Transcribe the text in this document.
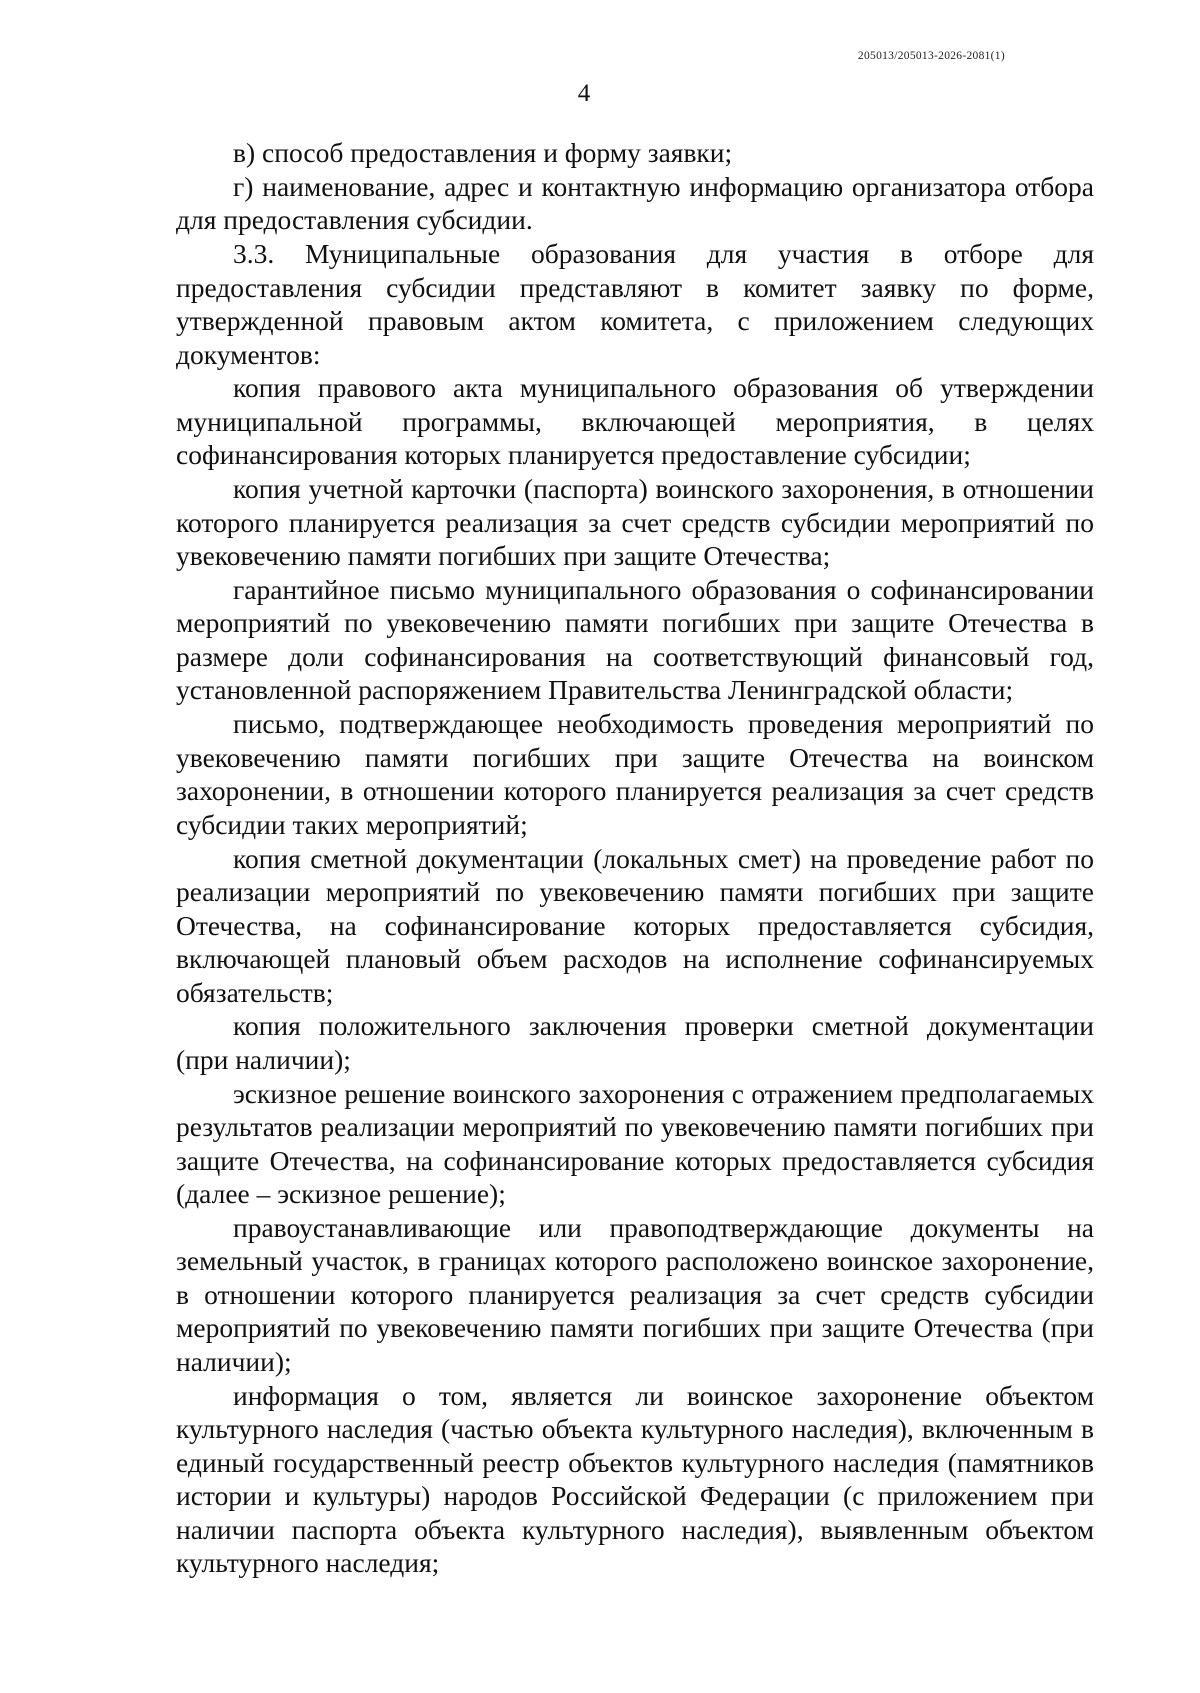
205013/205013-2026-2081(1)
4

в) способ предоставления и форму заявки;

г) наименование, адрес и контактную информацию организатора отбора для предоставления субсидии.

3.3. Муниципальные образования для участия в отборе для предоставления субсидии представляют в комитет заявку по форме, утвержденной правовым актом комитета, с приложением следующих документов:

копия правового акта муниципального образования об утверждении муниципальной программы, включающей мероприятия, в целях софинансирования которых планируется предоставление субсидии;

копия учетной карточки (паспорта) воинского захоронения, в отношении которого планируется реализация за счет средств субсидии мероприятий по увековечению памяти погибших при защите Отечества;

гарантийное письмо муниципального образования о софинансировании мероприятий по увековечению памяти погибших при защите Отечества в размере доли софинансирования на соответствующий финансовый год, установленной распоряжением Правительства Ленинградской области;

письмо, подтверждающее необходимость проведения мероприятий по увековечению памяти погибших при защите Отечества на воинском захоронении, в отношении которого планируется реализация за счет средств субсидии таких мероприятий;

копия сметной документации (локальных смет) на проведение работ по реализации мероприятий по увековечению памяти погибших при защите Отечества, на софинансирование которых предоставляется субсидия, включающей плановый объем расходов на исполнение софинансируемых обязательств;

копия положительного заключения проверки сметной документации (при наличии);

эскизное решение воинского захоронения с отражением предполагаемых результатов реализации мероприятий по увековечению памяти погибших при защите Отечества, на софинансирование которых предоставляется субсидия (далее – эскизное решение);

правоустанавливающие или правоподтверждающие документы на земельный участок, в границах которого расположено воинское захоронение, в отношении которого планируется реализация за счет средств субсидии мероприятий по увековечению памяти погибших при защите Отечества (при наличии);

информация о том, является ли воинское захоронение объектом культурного наследия (частью объекта культурного наследия), включенным в единый государственный реестр объектов культурного наследия (памятников истории и культуры) народов Российской Федерации (с приложением при наличии паспорта объекта культурного наследия), выявленным объектом культурного наследия;
